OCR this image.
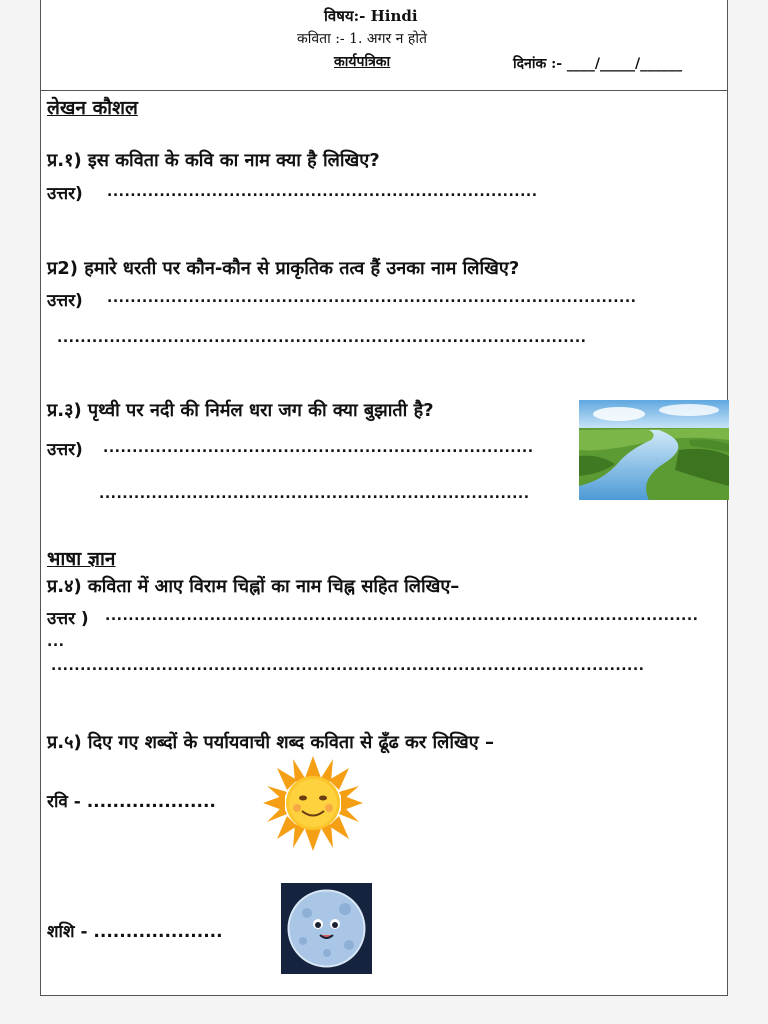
विषय:- Hindi
कविता :- 1. अगर न होते
कार्यपत्रिका	दिनांक :- ____/_____/______
लेखन कौशल
प्र.१) इस कविता के कवि का नाम क्या है लिखिए?
उत्तर) ..........................................................................
प्र2) हमारे धरती पर कौन-कौन से प्राकृतिक तत्व हैं उनका नाम लिखिए?
उत्तर) ...........................................................................................
...........................................................................................
प्र.३) पृथ्वी पर नदी की निर्मल धरा जग की क्या बुझाती है?
उत्तर) ..........................................................................
..........................................................................
भाषा ज्ञान
प्र.४) कविता में आए विराम चिह्नों का नाम चिह्न सहित लिखिए–
उत्तर ) ......................................................................................................
...
......................................................................................................
प्र.५) दिए गए शब्दों के पर्यायवाची शब्द कविता से ढूँढ कर लिखिए –
रवि - ....................
शशि - ....................
